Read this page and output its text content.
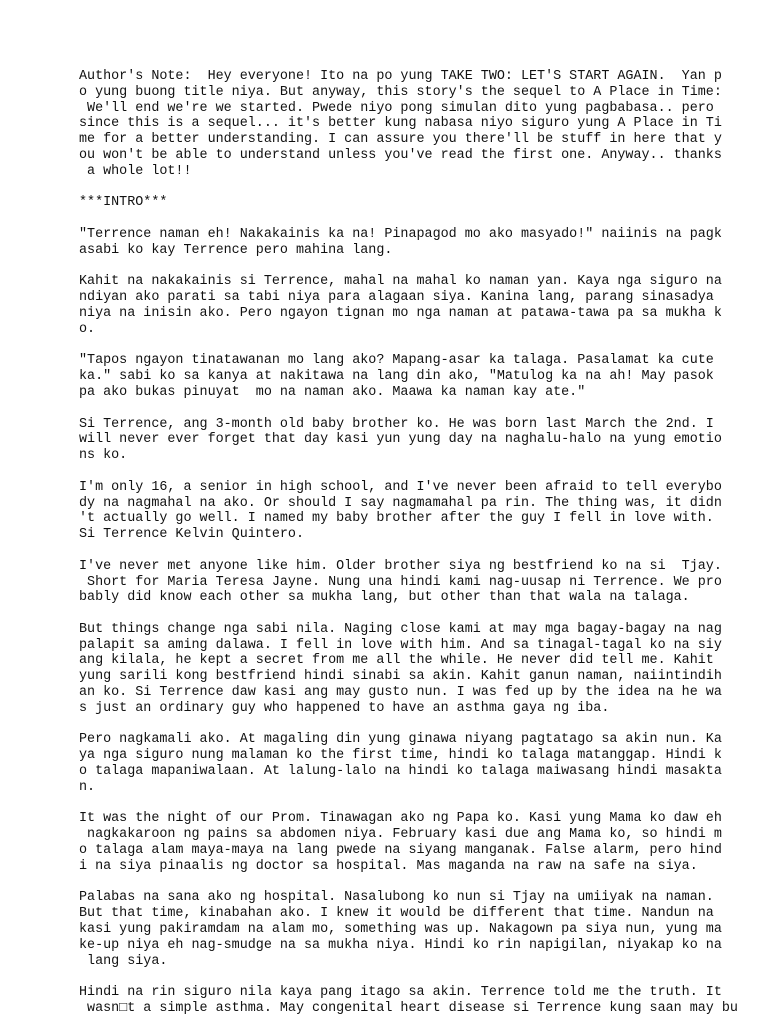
Author's Note:  Hey everyone! Ito na po yung TAKE TWO: LET'S START AGAIN.  Yan p
o yung buong title niya. But anyway, this story's the sequel to A Place in Time:
We'll end we're we started. Pwede niyo pong simulan dito yung pagbabasa.. pero
since this is a sequel... it's better kung nabasa niyo siguro yung A Place in Ti
me for a better understanding. I can assure you there'll be stuff in here that y
ou won't be able to understand unless you've read the first one. Anyway.. thanks
a whole lot!!
***INTRO***
"Terrence naman eh! Nakakainis ka na! Pinapagod mo ako masyado!" naiinis na pagk
asabi ko kay Terrence pero mahina lang.
Kahit na nakakainis si Terrence, mahal na mahal ko naman yan. Kaya nga siguro na
ndiyan ako parati sa tabi niya para alagaan siya. Kanina lang, parang sinasadya
niya na inisin ako. Pero ngayon tignan mo nga naman at patawa-tawa pa sa mukha k
o.
"Tapos ngayon tinatawanan mo lang ako? Mapang-asar ka talaga. Pasalamat ka cute
ka." sabi ko sa kanya at nakitawa na lang din ako, "Matulog ka na ah! May pasok
pa ako bukas pinuyat  mo na naman ako. Maawa ka naman kay ate."
Si Terrence, ang 3-month old baby brother ko. He was born last March the 2nd. I
will never ever forget that day kasi yun yung day na naghalu-halo na yung emotio
ns ko.
I'm only 16, a senior in high school, and I've never been afraid to tell everybo
dy na nagmahal na ako. Or should I say nagmamahal pa rin. The thing was, it didn
't actually go well. I named my baby brother after the guy I fell in love with.
Si Terrence Kelvin Quintero.
I've never met anyone like him. Older brother siya ng bestfriend ko na si  Tjay.
Short for Maria Teresa Jayne. Nung una hindi kami nag-uusap ni Terrence. We pro
bably did know each other sa mukha lang, but other than that wala na talaga.
But things change nga sabi nila. Naging close kami at may mga bagay-bagay na nag
palapit sa aming dalawa. I fell in love with him. And sa tinagal-tagal ko na siy
ang kilala, he kept a secret from me all the while. He never did tell me. Kahit
yung sarili kong bestfriend hindi sinabi sa akin. Kahit ganun naman, naiintindih
an ko. Si Terrence daw kasi ang may gusto nun. I was fed up by the idea na he wa
s just an ordinary guy who happened to have an asthma gaya ng iba.
Pero nagkamali ako. At magaling din yung ginawa niyang pagtatago sa akin nun. Ka
ya nga siguro nung malaman ko the first time, hindi ko talaga matanggap. Hindi k
o talaga mapaniwalaan. At lalung-lalo na hindi ko talaga maiwasang hindi masakta
n.
It was the night of our Prom. Tinawagan ako ng Papa ko. Kasi yung Mama ko daw eh
nagkakaroon ng pains sa abdomen niya. February kasi due ang Mama ko, so hindi m
o talaga alam maya-maya na lang pwede na siyang manganak. False alarm, pero hind
i na siya pinaalis ng doctor sa hospital. Mas maganda na raw na safe na siya.
Palabas na sana ako ng hospital. Nasalubong ko nun si Tjay na umiiyak na naman.
But that time, kinabahan ako. I knew it would be different that time. Nandun na
kasi yung pakiramdam na alam mo, something was up. Nakagown pa siya nun, yung ma
ke-up niya eh nag-smudge na sa mukha niya. Hindi ko rin napigilan, niyakap ko na
lang siya.
Hindi na rin siguro nila kaya pang itago sa akin. Terrence told me the truth. It
wasn□t a simple asthma. May congenital heart disease si Terrence kung saan may bu
